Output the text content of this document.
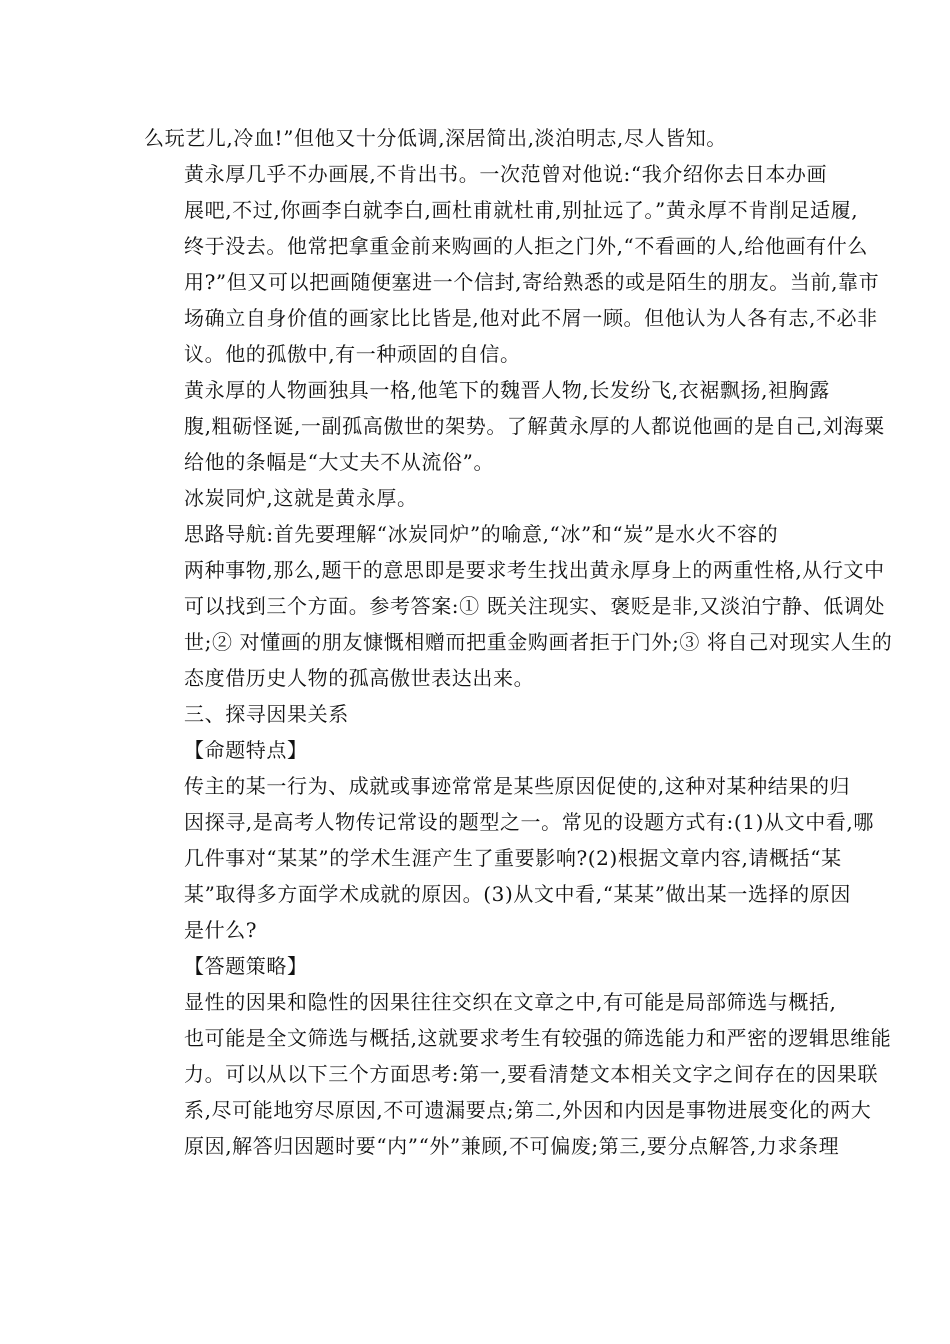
么玩艺儿,冷血!”但他又十分低调,深居简出,淡泊明志,尽人皆知。
黄永厚几乎不办画展,不肯出书。一次范曾对他说:“我介绍你去日本办画
展吧,不过,你画李白就李白,画杜甫就杜甫,别扯远了。”黄永厚不肯削足适履,
终于没去。他常把拿重金前来购画的人拒之门外,“不看画的人,给他画有什么
用?”但又可以把画随便塞进一个信封,寄给熟悉的或是陌生的朋友。当前,靠市
场确立自身价值的画家比比皆是,他对此不屑一顾。但他认为人各有志,不必非
议。他的孤傲中,有一种顽固的自信。
黄永厚的人物画独具一格,他笔下的魏晋人物,长发纷飞,衣裾飘扬,袒胸露
腹,粗砺怪诞,一副孤高傲世的架势。了解黄永厚的人都说他画的是自己,刘海粟
给他的条幅是“大丈夫不从流俗”。
冰炭同炉,这就是黄永厚。
思路导航:首先要理解“冰炭同炉”的喻意,“冰”和“炭”是水火不容的
两种事物,那么,题干的意思即是要求考生找出黄永厚身上的两重性格,从行文中
可以找到三个方面。参考答案:① 既关注现实、褒贬是非,又淡泊宁静、低调处
世;② 对懂画的朋友慷慨相赠而把重金购画者拒于门外;③ 将自己对现实人生的
态度借历史人物的孤高傲世表达出来。
三、探寻因果关系
【命题特点】
传主的某一行为、成就或事迹常常是某些原因促使的,这种对某种结果的归
因探寻,是高考人物传记常设的题型之一。常见的设题方式有:(1)从文中看,哪
几件事对“某某”的学术生涯产生了重要影响?(2)根据文章内容,请概括“某
某”取得多方面学术成就的原因。(3)从文中看,“某某”做出某一选择的原因
是什么?
【答题策略】
显性的因果和隐性的因果往往交织在文章之中,有可能是局部筛选与概括,
也可能是全文筛选与概括,这就要求考生有较强的筛选能力和严密的逻辑思维能
力。可以从以下三个方面思考:第一,要看清楚文本相关文字之间存在的因果联
系,尽可能地穷尽原因,不可遗漏要点;第二,外因和内因是事物进展变化的两大
原因,解答归因题时要“内”“外”兼顾,不可偏废;第三,要分点解答,力求条理
